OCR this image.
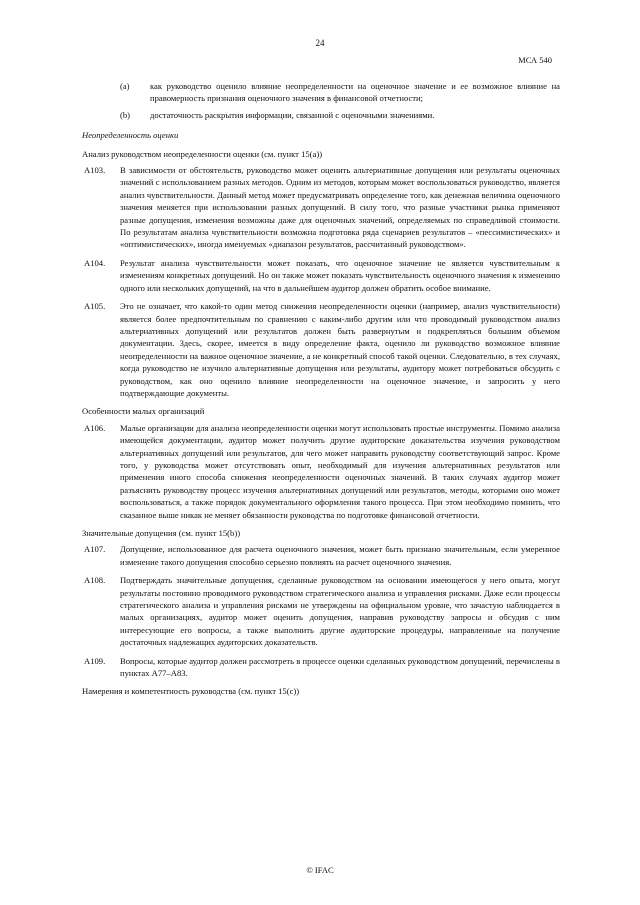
24
МСА 540
(a)	как руководство оценило влияние неопределенности на оценочное значение и ее возможное влияние на правомерность признания оценочного значения в финансовой отчетности;
(b)	достаточность раскрытия информации, связанной с оценочными значениями.
Неопределенность оценки
Анализ руководством неопределенности оценки (см. пункт 15(a))
A103.	В зависимости от обстоятельств, руководство может оценить альтернативные допущения или результаты оценочных значений с использованием разных методов. Одним из методов, которым может воспользоваться руководство, является анализ чувствительности. Данный метод может предусматривать определение того, как денежная величина оценочного значения меняется при использовании разных допущений. В силу того, что разные участники рынка применяют разные допущения, изменения возможны даже для оценочных значений, определяемых по справедливой стоимости. По результатам анализа чувствительности возможна подготовка ряда сценариев результатов – «пессимистических» и «оптимистических», иногда именуемых «диапазон результатов, рассчитанный руководством».
A104.	Результат анализа чувствительности может показать, что оценочное значение не является чувствительным к изменениям конкретных допущений. Но он также может показать чувствительность оценочного значения к изменению одного или нескольких допущений, на что в дальнейшем аудитор должен обратить особое внимание.
A105.	Это не означает, что какой-то один метод снижения неопределенности оценки (например, анализ чувствительности) является более предпочтительным по сравнению с каким-либо другим или что проводимый руководством анализ альтернативных допущений или результатов должен быть развернутым и подкрепляться большим объемом документации. Здесь, скорее, имеется в виду определение факта, оценило ли руководство возможное влияние неопределенности на важное оценочное значение, а не конкретный способ такой оценки. Следовательно, в тех случаях, когда руководство не изучило альтернативные допущения или результаты, аудитору может потребоваться обсудить с руководством, как оно оценило влияние неопределенности на оценочное значение, и запросить у него подтверждающие документы.
Особенности малых организаций
A106.	Малые организации для анализа неопределенности оценки могут использовать простые инструменты. Помимо анализа имеющейся документации, аудитор может получить другие аудиторские доказательства изучения руководством альтернативных допущений или результатов, для чего может направить руководству соответствующий запрос. Кроме того, у руководства может отсутствовать опыт, необходимый для изучения альтернативных результатов или применения иного способа снижения неопределенности оценочных значений. В таких случаях аудитор может разъяснить руководству процесс изучения альтернативных допущений или результатов, методы, которыми оно может воспользоваться, а также порядок документального оформления такого процесса. При этом необходимо помнить, что сказанное выше никак не меняет обязанности руководства по подготовке финансовой отчетности.
Значительные допущения (см. пункт 15(b))
A107.	Допущение, использованное для расчета оценочного значения, может быть признано значительным, если умеренное изменение такого допущения способно серьезно повлиять на расчет оценочного значения.
A108.	Подтверждать значительные допущения, сделанные руководством на основании имеющегося у него опыта, могут результаты постоянно проводимого руководством стратегического анализа и управления рисками. Даже если процессы стратегического анализа и управления рисками не утверждены на официальном уровне, что зачастую наблюдается в малых организациях, аудитор может оценить допущения, направив руководству запросы и обсудив с ним интересующие его вопросы, а также выполнить другие аудиторские процедуры, направленные на получение достаточных надлежащих аудиторских доказательств.
A109.	Вопросы, которые аудитор должен рассмотреть в процессе оценки сделанных руководством допущений, перечислены в пунктах A77–A83.
Намерения и компетентность руководства (см. пункт 15(c))
© IFAC
